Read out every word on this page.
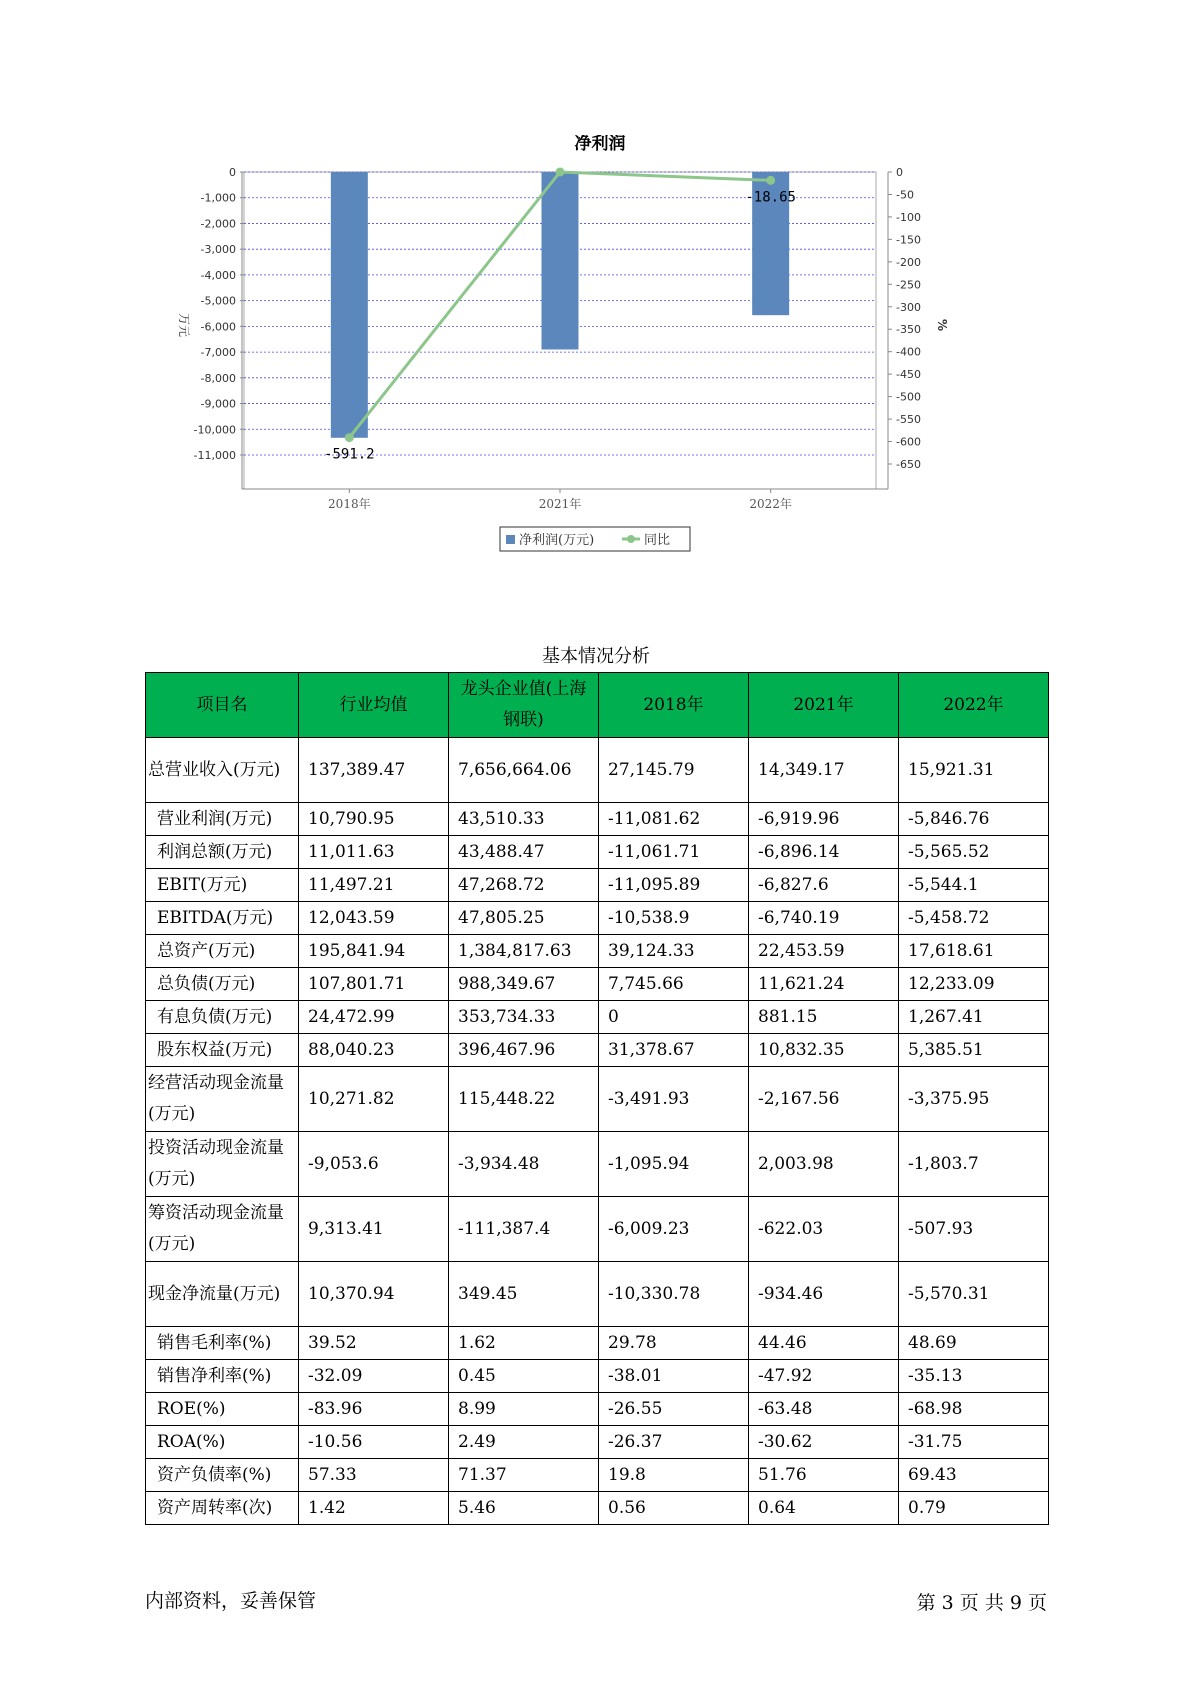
净利润
0
-1,000
-2,000
-3,000
-4,000
-5,000
-6,000
-7,000
-8,000
-9,000
-10,000
-11,000
0
-50
-100
-150
-200
-250
-300
-350
-400
-450
-500
-550
-600
-650
万元	%
2018年	2021年	2022年
-591.2
-18.65
净利润(万元)	同比
基本情况分析
项目名	行业均值	龙头企业值(上海钢联)	2018年	2021年	2022年
总营业收入(万元)	137,389.47	7,656,664.06	27,145.79	14,349.17	15,921.31
营业利润(万元)	10,790.95	43,510.33	-11,081.62	-6,919.96	-5,846.76
利润总额(万元)	11,011.63	43,488.47	-11,061.71	-6,896.14	-5,565.52
EBIT(万元)	11,497.21	47,268.72	-11,095.89	-6,827.6	-5,544.1
EBITDA(万元)	12,043.59	47,805.25	-10,538.9	-6,740.19	-5,458.72
总资产(万元)	195,841.94	1,384,817.63	39,124.33	22,453.59	17,618.61
总负债(万元)	107,801.71	988,349.67	7,745.66	11,621.24	12,233.09
有息负债(万元)	24,472.99	353,734.33	0	881.15	1,267.41
股东权益(万元)	88,040.23	396,467.96	31,378.67	10,832.35	5,385.51
经营活动现金流量(万元)	10,271.82	115,448.22	-3,491.93	-2,167.56	-3,375.95
投资活动现金流量(万元)	-9,053.6	-3,934.48	-1,095.94	2,003.98	-1,803.7
筹资活动现金流量(万元)	9,313.41	-111,387.4	-6,009.23	-622.03	-507.93
现金净流量(万元)	10,370.94	349.45	-10,330.78	-934.46	-5,570.31
销售毛利率(%)	39.52	1.62	29.78	44.46	48.69
销售净利率(%)	-32.09	0.45	-38.01	-47.92	-35.13
ROE(%)	-83.96	8.99	-26.55	-63.48	-68.98
ROA(%)	-10.56	2.49	-26.37	-30.62	-31.75
资产负债率(%)	57.33	71.37	19.8	51.76	69.43
资产周转率(次)	1.42	5.46	0.56	0.64	0.79
内部资料，妥善保管	第 3 页 共 9 页
